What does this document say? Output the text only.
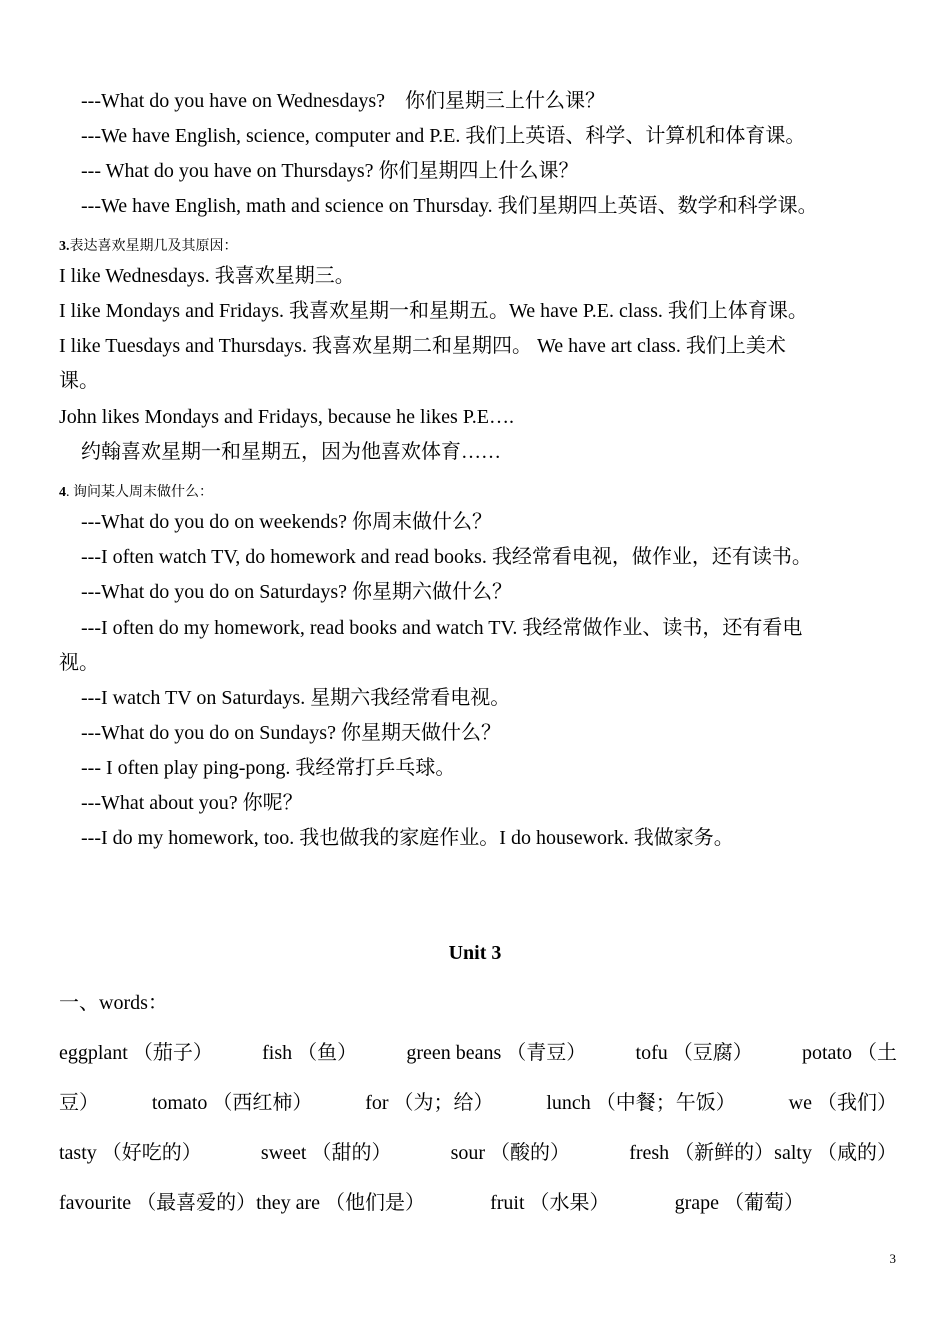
---What do you have on Wednesdays?　你们星期三上什么课？
---We have English, science, computer and P.E. 我们上英语、科学、计算机和体育课。
--- What do you have on Thursdays? 你们星期四上什么课？
---We have English, math and science on Thursday. 我们星期四上英语、数学和科学课。
3.表达喜欢星期几及其原因：
I like Wednesdays. 我喜欢星期三。
I like Mondays and Fridays. 我喜欢星期一和星期五。We have P.E. class. 我们上体育课。
I like Tuesdays and Thursdays. 我喜欢星期二和星期四。 We have art class. 我们上美术
课。
John likes Mondays and Fridays, because he likes P.E….
约翰喜欢星期一和星期五，因为他喜欢体育……
4. 询问某人周末做什么：
---What do you do on weekends? 你周末做什么？
---I often watch TV, do homework and read books. 我经常看电视，做作业，还有读书。
---What do you do on Saturdays? 你星期六做什么？
---I often do my homework, read books and watch TV. 我经常做作业、读书，还有看电
视。
---I watch TV on Saturdays. 星期六我经常看电视。
---What do you do on Sundays? 你星期天做什么？
--- I often play ping-pong. 我经常打乒乓球。
---What about you? 你呢？
---I do my homework, too. 我也做我的家庭作业。I do housework. 我做家务。
Unit 3
一、words：
eggplant （茄子） fish （鱼） green beans （青豆） tofu （豆腐） potato （土
豆）	tomato （西红柿）	for （为；给）	lunch （中餐；午饭）	we （我们）
tasty （好吃的）	sweet （甜的）	sour （酸的）	fresh （新鲜的）salty （咸的）
favourite （最喜爱的）they are （他们是）	fruit （水果）	grape （葡萄）
3
